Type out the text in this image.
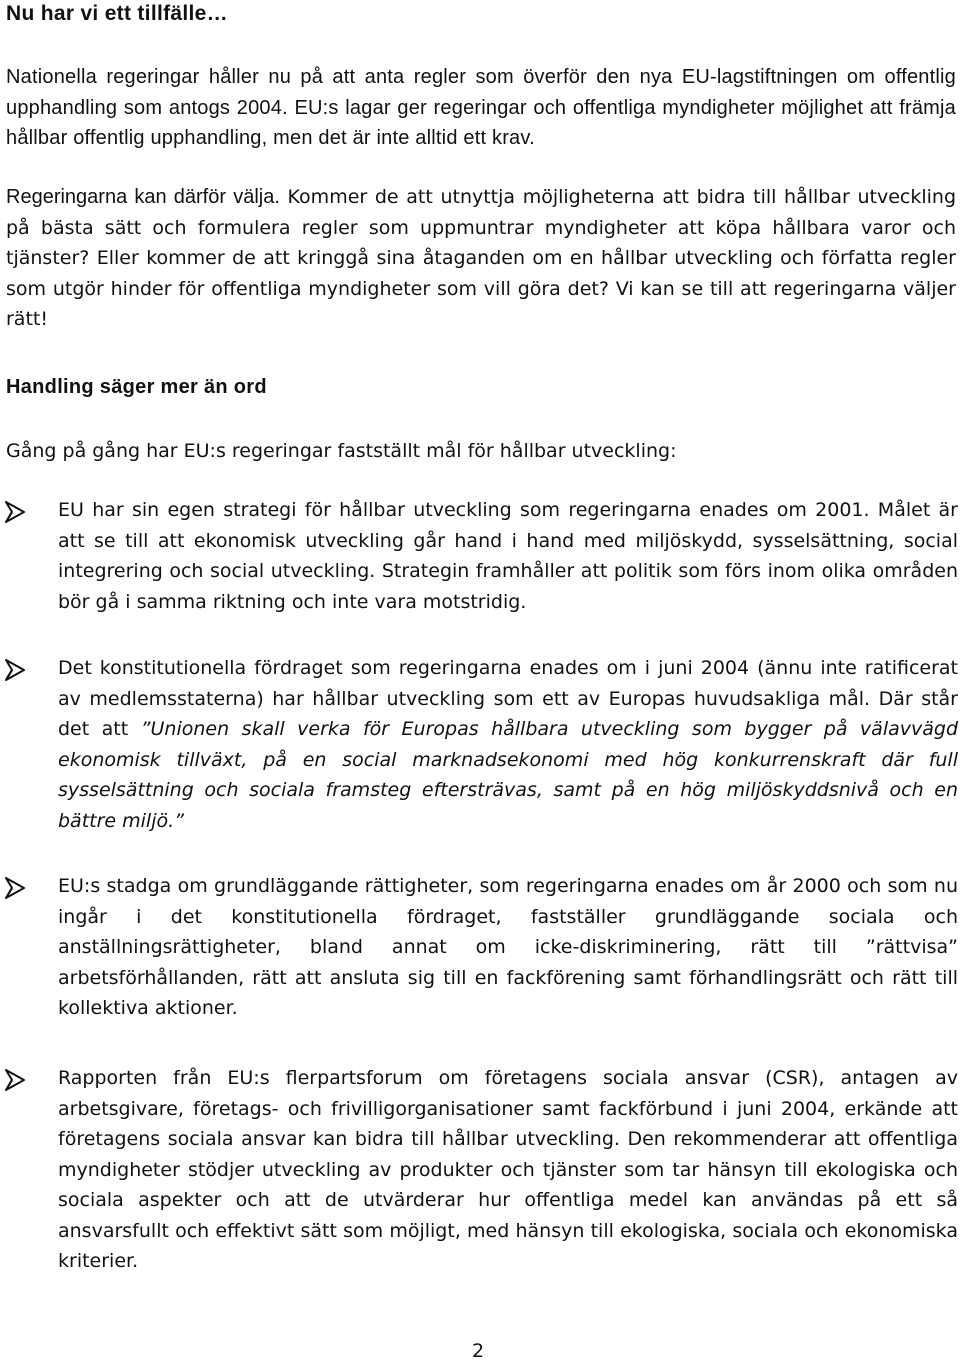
Nu har vi ett tillfälle…

Nationella regeringar håller nu på att anta regler som överför den nya EU-lagstiftningen om offentlig upphandling som antogs 2004. EU:s lagar ger regeringar och offentliga myndigheter möjlighet att främja hållbar offentlig upphandling, men det är inte alltid ett krav.

Regeringarna kan därför välja. Kommer de att utnyttja möjligheterna att bidra till hållbar utveckling på bästa sätt och formulera regler som uppmuntrar myndigheter att köpa hållbara varor och tjänster? Eller kommer de att kringgå sina åtaganden om en hållbar utveckling och författa regler som utgör hinder för offentliga myndigheter som vill göra det? Vi kan se till att regeringarna väljer rätt!

Handling säger mer än ord

Gång på gång har EU:s regeringar fastställt mål för hållbar utveckling:

EU har sin egen strategi för hållbar utveckling som regeringarna enades om 2001. Målet är att se till att ekonomisk utveckling går hand i hand med miljöskydd, sysselsättning, social integrering och social utveckling. Strategin framhåller att politik som förs inom olika områden bör gå i samma riktning och inte vara motstridig.

Det konstitutionella fördraget som regeringarna enades om i juni 2004 (ännu inte ratificerat av medlemsstaterna) har hållbar utveckling som ett av Europas huvudsakliga mål. Där står det att ”Unionen skall verka för Europas hållbara utveckling som bygger på välavvägd ekonomisk tillväxt, på en social marknadsekonomi med hög konkurrenskraft där full sysselsättning och sociala framsteg eftersträvas, samt på en hög miljöskyddsnivå och en bättre miljö.”

EU:s stadga om grundläggande rättigheter, som regeringarna enades om år 2000 och som nu ingår i det konstitutionella fördraget, fastställer grundläggande sociala och anställningsrättigheter, bland annat om icke-diskriminering, rätt till ”rättvisa” arbetsförhållanden, rätt att ansluta sig till en fackförening samt förhandlingsrätt och rätt till kollektiva aktioner.

Rapporten från EU:s flerpartsforum om företagens sociala ansvar (CSR), antagen av arbetsgivare, företags- och frivilligorganisationer samt fackförbund i juni 2004, erkände att företagens sociala ansvar kan bidra till hållbar utveckling. Den rekommenderar att offentliga myndigheter stödjer utveckling av produkter och tjänster som tar hänsyn till ekologiska och sociala aspekter och att de utvärderar hur offentliga medel kan användas på ett så ansvarsfullt och effektivt sätt som möjligt, med hänsyn till ekologiska, sociala och ekonomiska kriterier.

2
